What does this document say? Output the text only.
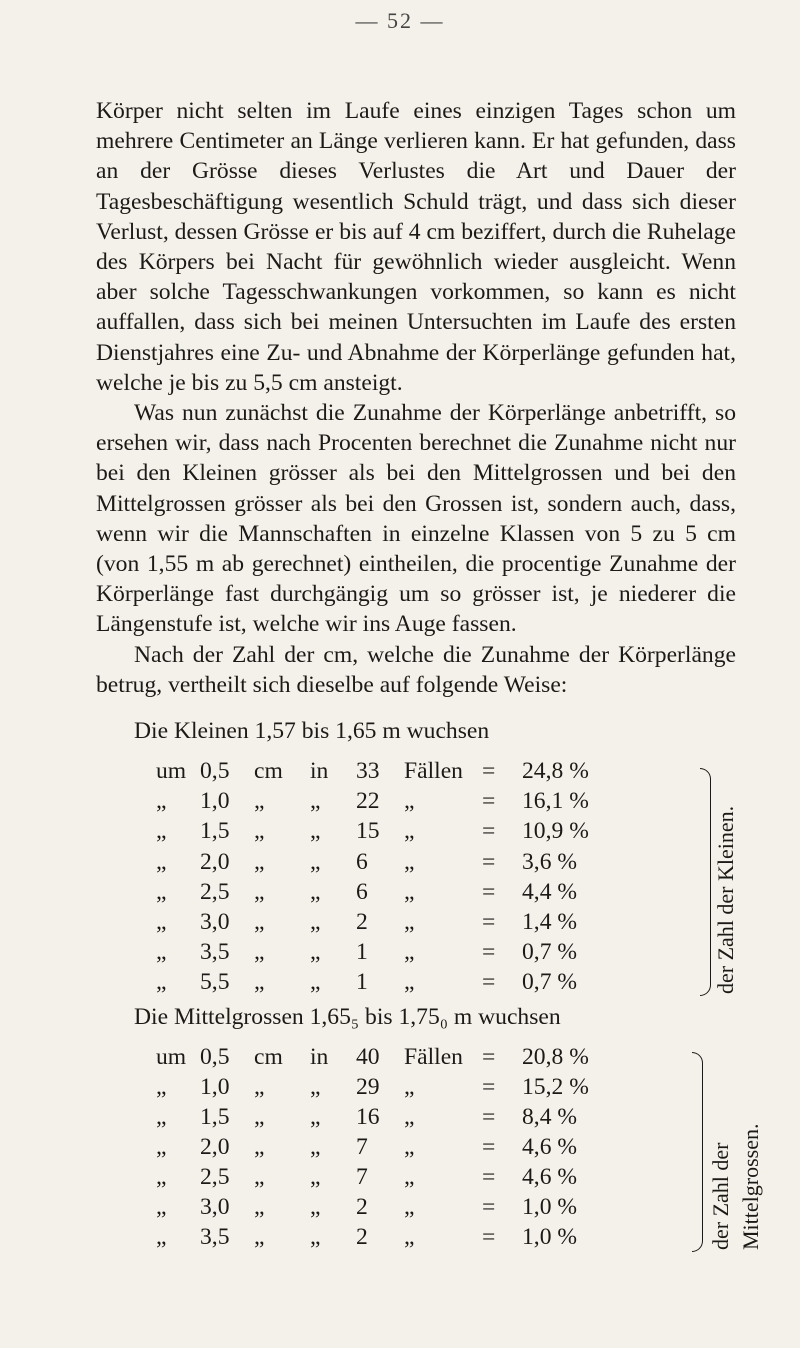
— 52 —

Körper nicht selten im Laufe eines einzigen Tages schon um mehrere Centimeter an Länge verlieren kann. Er hat gefunden, dass an der Grösse dieses Verlustes die Art und Dauer der Tagesbeschäftigung wesentlich Schuld trägt, und dass sich dieser Verlust, dessen Grösse er bis auf 4 cm beziffert, durch die Ruhelage des Körpers bei Nacht für gewöhnlich wieder ausgleicht. Wenn aber solche Tagesschwankungen vorkommen, so kann es nicht auffallen, dass sich bei meinen Untersuchten im Laufe des ersten Dienstjahres eine Zu- und Abnahme der Körperlänge gefunden hat, welche je bis zu 5,5 cm ansteigt.

Was nun zunächst die Zunahme der Körperlänge anbetrifft, so ersehen wir, dass nach Procenten berechnet die Zunahme nicht nur bei den Kleinen grösser als bei den Mittelgrossen und bei den Mittelgrossen grösser als bei den Grossen ist, sondern auch, dass, wenn wir die Mannschaften in einzelne Klassen von 5 zu 5 cm (von 1,55 m ab gerechnet) eintheilen, die procentige Zunahme der Körperlänge fast durchgängig um so grösser ist, je niederer die Längenstufe ist, welche wir ins Auge fassen.

Nach der Zahl der cm, welche die Zunahme der Körperlänge betrug, vertheilt sich dieselbe auf folgende Weise:

Die Kleinen 1,57 bis 1,65 m wuchsen
um 0,5 cm in 33 Fällen = 24,8 %
„ 1,0 „ „ 22 „	= 16,1 %
„ 1,5 „ „ 15 „	= 10,9 %
„ 2,0 „ „ 6 „	= 3,6 %
„ 2,5 „ „ 6 „	= 4,4 %
„ 3,0 „ „ 2 „	= 1,4 %
„ 3,5 „ „ 1 „	= 0,7 %
„ 5,5 „ „ 1 „	= 0,7 %	der Zahl der Kleinen.
Die Mittelgrossen 1,65₅ bis 1,75₀ m wuchsen
um 0,5 cm in 40 Fällen = 20,8 %
„ 1,0 „ „ 29 „	= 15,2 %
„ 1,5 „ „ 16 „	= 8,4 %
„ 2,0 „ „ 7 „	= 4,6 %
„ 2,5 „ „ 7 „	= 4,6 %
„ 3,0 „ „ 2 „	= 1,0 %
„ 3,5 „ „ 2 „	= 1,0 %	der Zahl der Mittelgrossen.
